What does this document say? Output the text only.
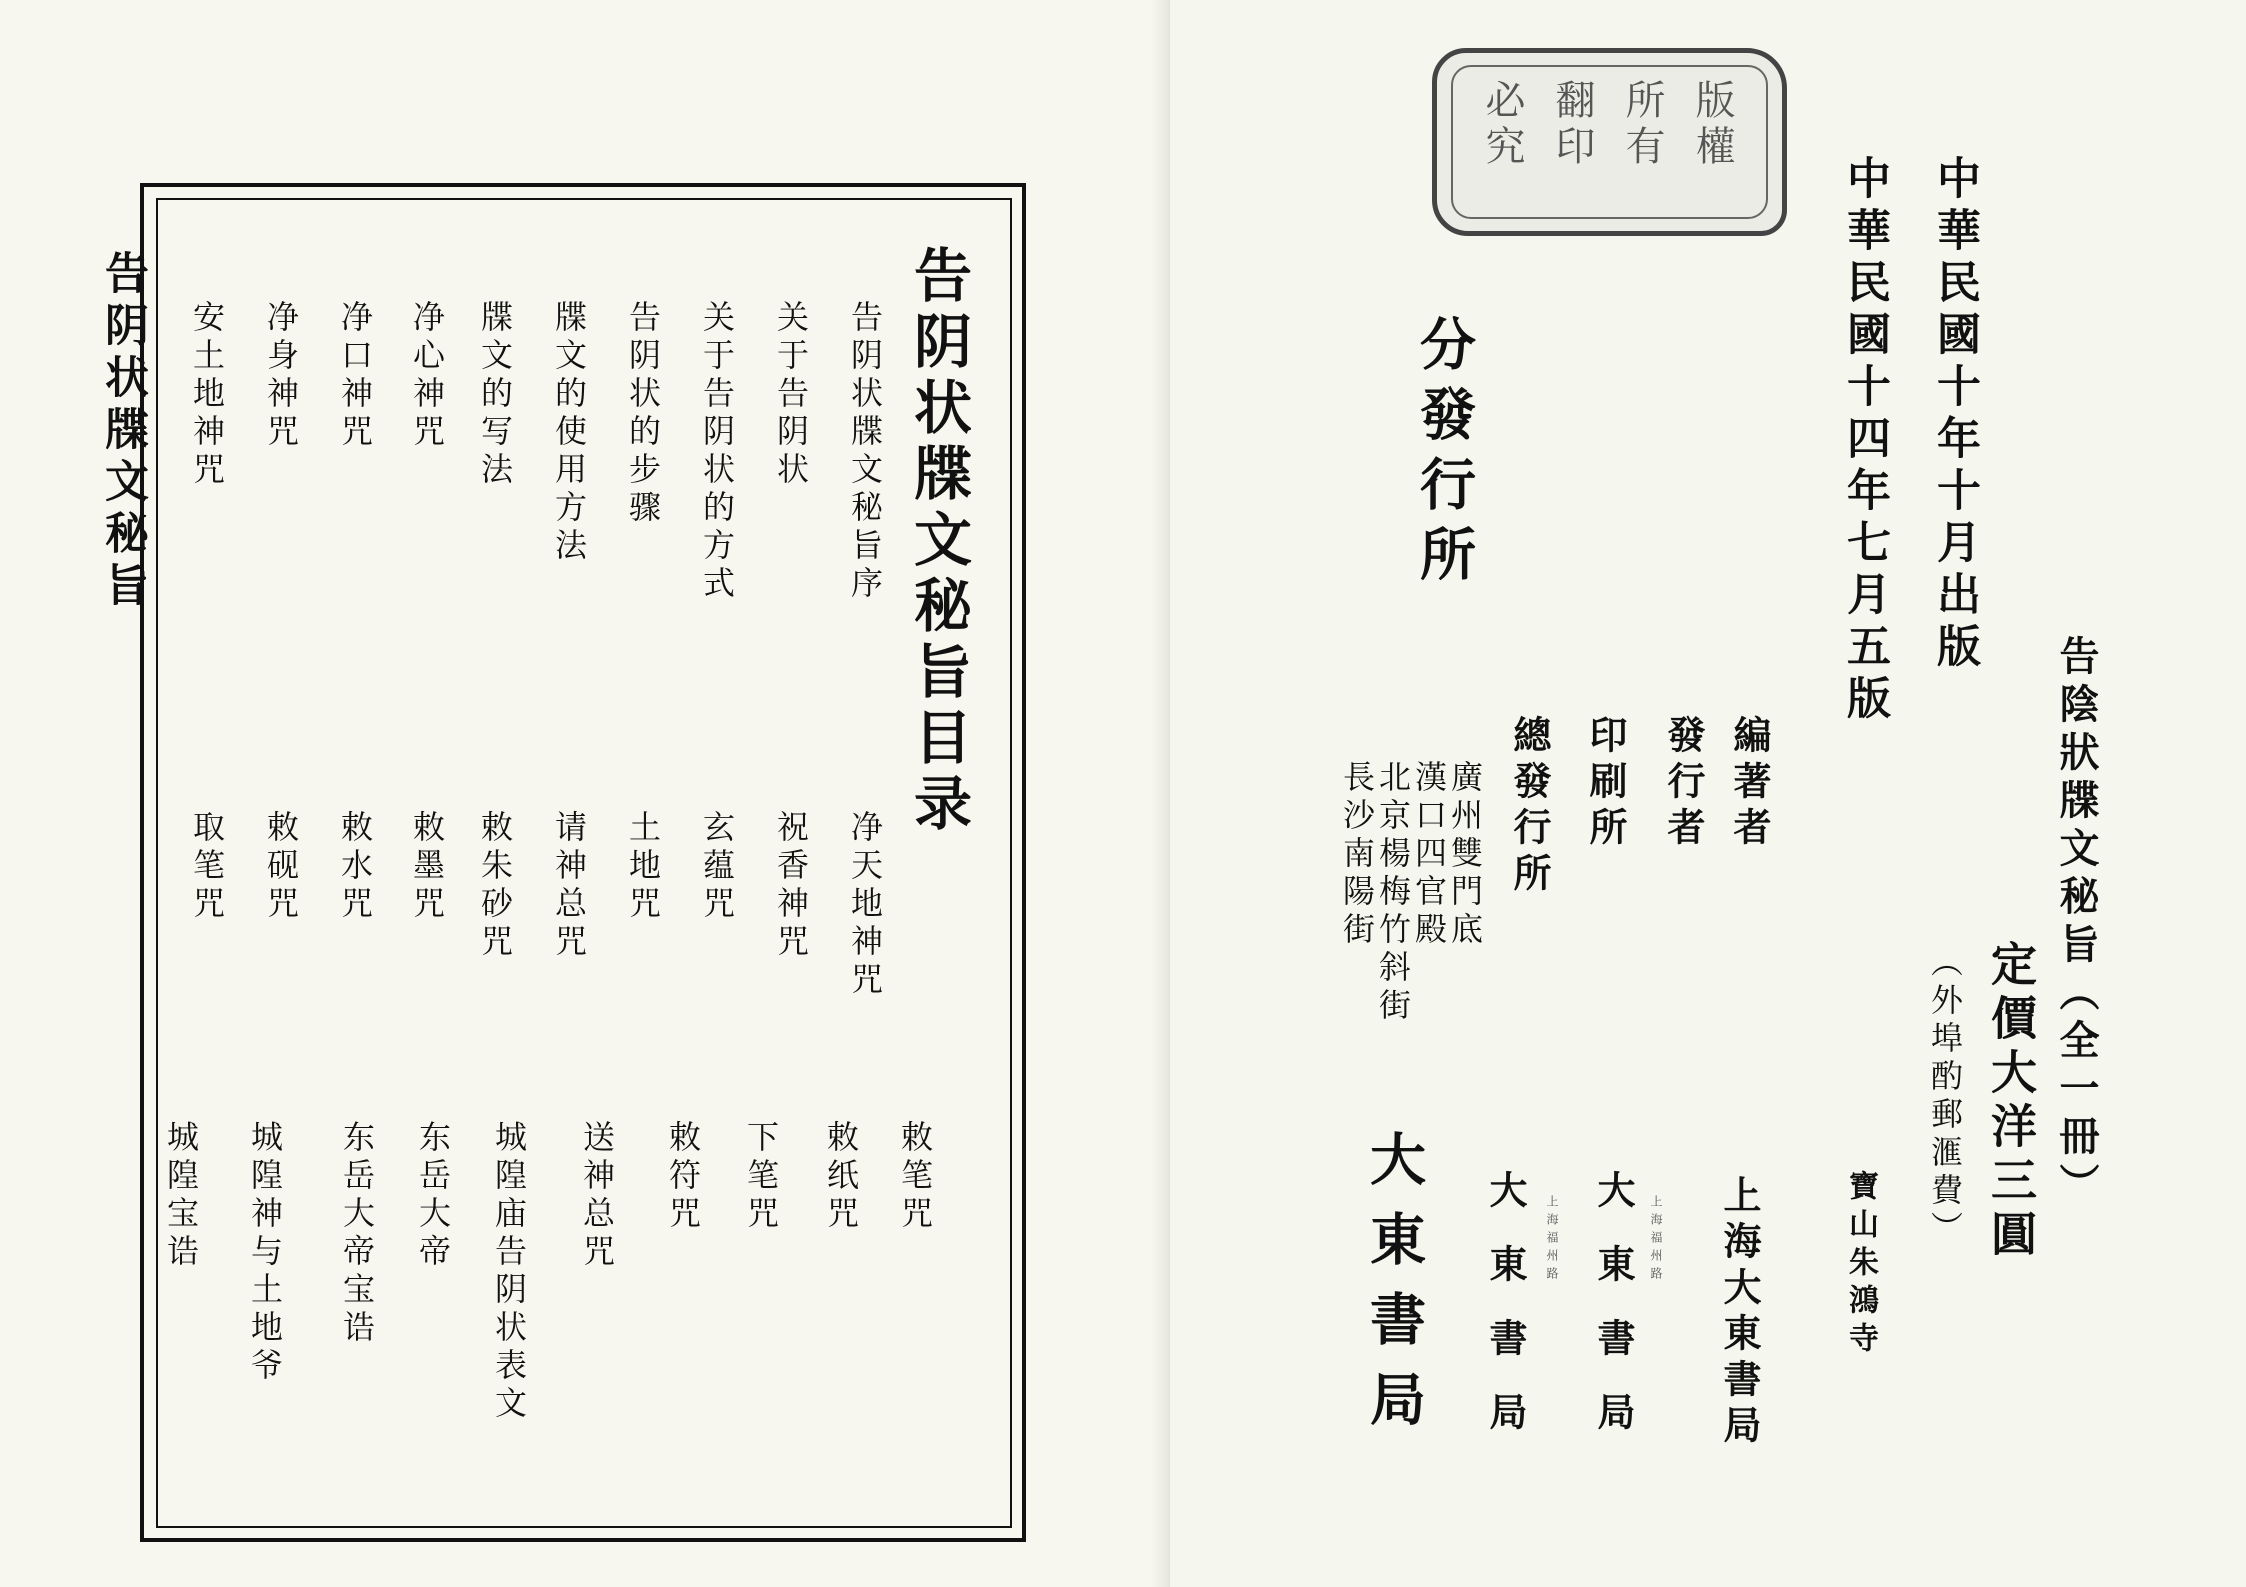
告阴状牒文秘旨	告阴状牒文秘旨目录
告阴状牒文秘旨序
关于告阴状
关于告阴状的方式
告阴状的步骤
牒文的使用方法
牒文的写法
净心神咒
净口神咒
净身神咒
安土地神咒
净天地神咒
祝香神咒
玄蕴咒
土地咒
请神总咒
敕朱砂咒
敕墨咒
敕水咒
敕砚咒
取笔咒
敕笔咒
敕纸咒
下笔咒
敕符咒
送神总咒
城隍庙告阴状表文
东岳大帝
东岳大帝宝诰
城隍神与土地爷
城隍宝诰
版權所有翻印必究
告陰狀牒文秘旨（全一冊）
定價大洋三圓
（外埠酌郵滙費）
中華民國十年十月出版
中華民國十四年七月五版
編著者
寶山朱鴻寺
發行者
上海大東書局
上海福州路
印刷所
大東書局
上海福州路
總發行所
大東書局
分發行所
廣州雙門底
漢口四官殿
北京楊梅竹斜街
長沙南陽街
大東書局
